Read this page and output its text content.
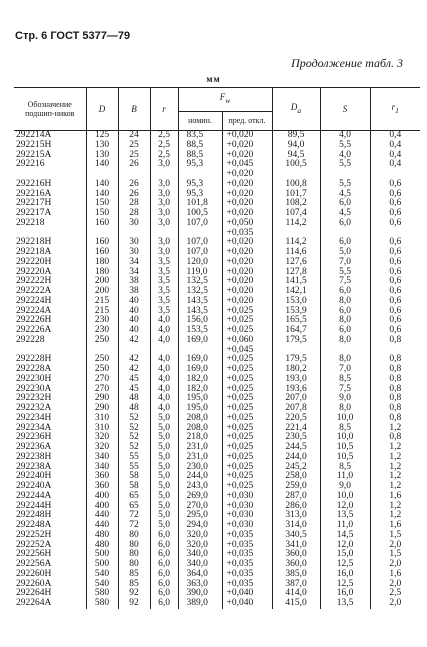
Стр. 6 ГОСТ 5377—79
Продолжение табл. 3
мм
Обозначение подшип-ников	D	B	r	$F_w$		$D_a$	S	$r_1$
				номин.	пред. откл.			
292214A	125	24	2,5	83,5	+0,020	89,5	4,0	0,4
292215H	130	25	2,5	88,5	+0,020	94,0	5,5	0,4
292215A	130	25	2,5	88,5	+0,020	94,5	4,0	0,4
292216	140	26	3,0	95,3	+0,045	100,5	5,5	0,4
					+0,020			
292216H	140	26	3,0	95,3	+0,020	100,8	5,5	0,6
292216A	140	26	3,0	95,3	+0,020	101,7	4,5	0,6
292217H	150	28	3,0	101,8	+0,020	108,2	6,0	0,6
292217A	150	28	3,0	100,5	+0,020	107,4	4,5	0,6
292218	160	30	3,0	107,0	+0,050	114,2	6,0	0,6
					+0,035			
292218H	160	30	3,0	107,0	+0,020	114,2	6,0	0,6
292218A	160	30	3,0	107,0	+0,020	114,6	5,0	0,6
292220H	180	34	3,5	120,0	+0,020	127,6	7,0	0,6
292220A	180	34	3,5	119,0	+0,020	127,8	5,5	0,6
292222H	200	38	3,5	132,5	+0,020	141,5	7,5	0,6
292222A	200	38	3,5	132,5	+0,020	142,1	6,0	0,6
292224H	215	40	3,5	143,5	+0,020	153,0	8,0	0,6
292224A	215	40	3,5	143,5	+0,025	153,9	6,0	0,6
292226H	230	40	4,0	156,0	+0,025	165,5	8,0	0,6
292226A	230	40	4,0	153,5	+0,025	164,7	6,0	0,6
292228	250	42	4,0	169,0	+0,060	179,5	8,0	0,8
					+0,045			
292228H	250	42	4,0	169,0	+0,025	179,5	8,0	0,8
292228A	250	42	4,0	169,0	+0,025	180,2	7,0	0,8
292230H	270	45	4,0	182,0	+0,025	193,0	8,5	0,8
292230A	270	45	4,0	182,0	+0,025	193,6	7,5	0,8
292232H	290	48	4,0	195,0	+0,025	207,0	9,0	0,8
292232A	290	48	4,0	195,0	+0,025	207,8	8,0	0,8
292234H	310	52	5,0	208,0	+0,025	220,5	10,0	0,8
292234A	310	52	5,0	208,0	+0,025	221,4	8,5	1,2
292236H	320	52	5,0	218,0	+0,025	230,5	10,0	0,8
292236A	320	52	5,0	231,0	+0,025	244,5	10,5	1,2
292238H	340	55	5,0	231,0	+0,025	244,0	10,5	1,2
292238A	340	55	5,0	230,0	+0,025	245,2	8,5	1,2
292240H	360	58	5,0	244,0	+0,025	258,0	11,0	1,2
292240A	360	58	5,0	243,0	+0,025	259,0	9,0	1,2
292244A	400	65	5,0	269,0	+0,030	287,0	10,0	1,6
292244H	400	65	5,0	270,0	+0,030	286,0	12,0	1,2
292248H	440	72	5,0	295,0	+0,030	313,0	13,5	1,2
292248A	440	72	5,0	294,0	+0,030	314,0	11,0	1,6
292252H	480	80	6,0	320,0	+0,035	340,5	14,5	1,5
292252A	480	80	6,0	320,0	+0,035	341,0	12,0	2,0
292256H	500	80	6,0	340,0	+0,035	360,0	15,0	1,5
292256A	500	80	6,0	340,0	+0,035	360,0	12,5	2,0
292260H	540	85	6,0	364,0	+0,035	385,0	16,0	1,6
292260A	540	85	6,0	363,0	+0,035	387,0	12,5	2,0
292264H	580	92	6,0	390,0	+0,040	414,0	16,0	2,5
292264A	580	92	6,0	389,0	+0,040	415,0	13,5	2,0
